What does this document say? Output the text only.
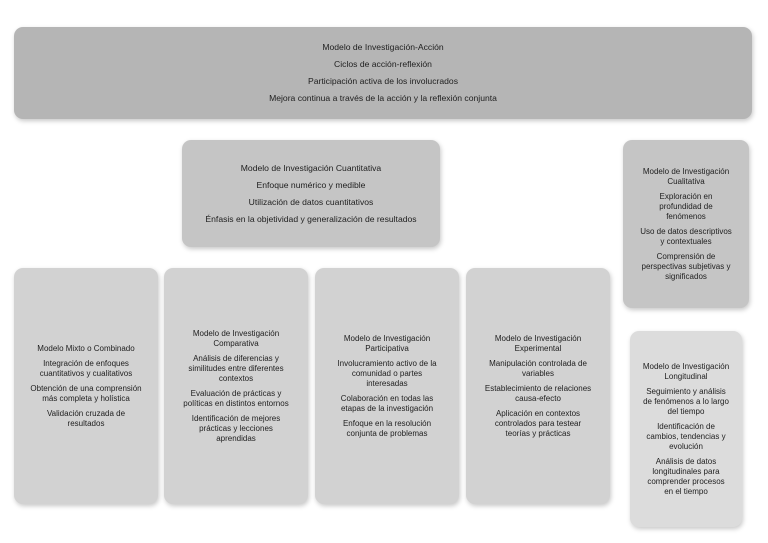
Modelo de Investigación-Acción
Ciclos de acción-reflexión
Participación activa de los involucrados
Mejora continua a través de la acción y la reflexión conjunta
Modelo de Investigación Cuantitativa
Enfoque numérico y medible
Utilización de datos cuantitativos
Énfasis en la objetividad y generalización de resultados
Modelo de Investigación
Cualitativa
Exploración en
profundidad de
fenómenos
Uso de datos descriptivos
y contextuales
Comprensión de
perspectivas subjetivas y
significados
Modelo Mixto o Combinado
Integración de enfoques
cuantitativos y cualitativos
Obtención de una comprensión
más completa y holística
Validación cruzada de
resultados
Modelo de Investigación
Comparativa
Análisis de diferencias y
similitudes entre diferentes
contextos
Evaluación de prácticas y
políticas en distintos entornos
Identificación de mejores
prácticas y lecciones
aprendidas
Modelo de Investigación
Participativa
Involucramiento activo de la
comunidad o partes
interesadas
Colaboración en todas las
etapas de la investigación
Enfoque en la resolución
conjunta de problemas
Modelo de Investigación
Experimental
Manipulación controlada de
variables
Establecimiento de relaciones
causa-efecto
Aplicación en contextos
controlados para testear
teorías y prácticas
Modelo de Investigación
Longitudinal
Seguimiento y análisis
de fenómenos a lo largo
del tiempo
Identificación de
cambios, tendencias y
evolución
Análisis de datos
longitudinales para
comprender procesos
en el tiempo
